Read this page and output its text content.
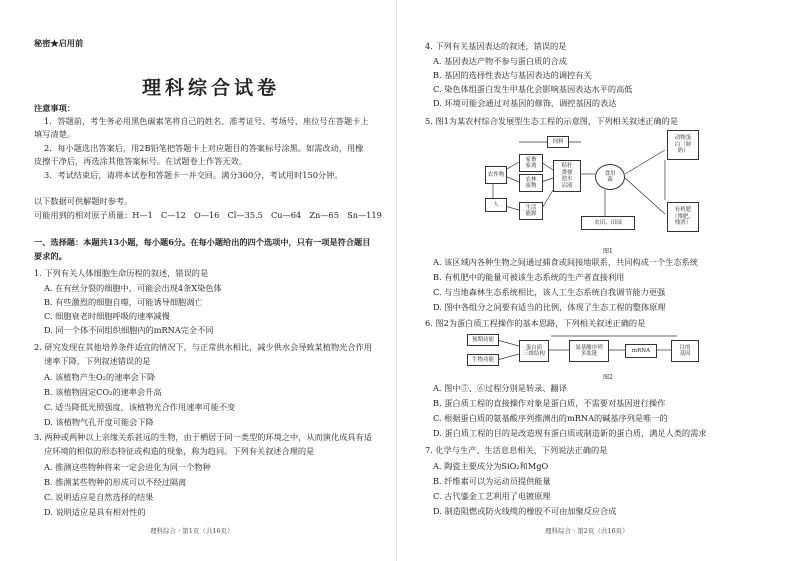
秘密★启用前
理科综合试卷
注意事项：
1．答题前，考生务必用黑色碳素笔将自己的姓名、准考证号、考场号、座位号在答题卡上
填写清楚。
2．每小题选出答案后，用2B铅笔把答题卡上对应题目的答案标号涂黑。如需改动，用橡
皮擦干净后，再选涂其他答案标号。在试题卷上作答无效。
3．考试结束后，请将本试卷和答题卡一并交回。满分300分，考试用时150分钟。
以下数据可供解题时参考。
可能用到的相对原子质量：H—1　C—12　O—16　Cl—35.5　Cu—64　Zn—65　Sn—119
一、选择题：本题共13小题，每小题6分。在每小题给出的四个选项中，只有一项是符合题目
要求的。
1. 下列有关人体细胞生命历程的叙述，错误的是
A. 在有丝分裂的细胞中，可能会出现4条X染色体
B. 有些激烈的细胞自噬，可能诱导细胞凋亡
C. 细胞衰老时细胞呼吸的速率减慢
D. 同一个体不同组织细胞内的mRNA完全不同
2. 研究发现在其他培养条件适宜的情况下，与正常供水相比，减少供水会导致某植物光合作用
速率下降，下列叙述错误的是
A. 该植物产生O₂的速率会下降
B. 该植物固定CO₂的速率会升高
C. 适当降低光照强度，该植物光合作用速率可能不变
D. 该植物气孔开度可能会下降
3. 两种或两种以上亲缘关系甚远的生物，由于栖居于同一类型的环境之中，从而演化成具有适
应环境的相似的形态特征或构造的现象，称为趋同。下列有关叙述合理的是
A. 推测这些物种将来一定会进化为同一个物种
B. 推测某些物种的形成可以不经过隔离
C. 说明适应是自然选择的结果
D. 说明适应是具有相对性的
理科综合 · 第1页（共16页）
4. 下列有关基因表达的叙述，错误的是
A. 基因表达产物不参与蛋白质的合成
B. 基因的选择性表达与基因表达的调控有关
C. 染色体组蛋白发生甲基化会影响基因表达水平的高低
D. 环境可能会通过对基因的修饰，调控基因的表达
5. 图1为某农村综合发展型生态工程的示意图，下列相关叙述正确的是
农作物
家畜
家禽
饲料
农林
废物
秸秆
粪便
池水
沼液
人	生活
能源
食用
菌
农田、田园
动物蛋
白（鲜
奶）
有机肥
（堆肥，
残渣）
图1
A. 该区域内各种生物之间通过捕食或间接地联系，共同构成一个生态系统
B. 有机肥中的能量可被该生态系统的生产者直接利用
C. 与当地森林生态系统相比，该人工生态系统自我调节能力更强
D. 图中各组分之间要有适当的比例，体现了生态工程的整体原理
6. 图2为蛋白质工程操作的基本思路，下列相关叙述正确的是
预期功能
生物功能
蛋白质
三维结构
氨基酸序列
多肽链
mRNA
目的
基因
图2
A. 图中⑤、⑥过程分别是转录、翻译
B. 蛋白质工程的直接操作对象是蛋白质，不需要对基因进行操作
C. 根据蛋白质的氨基酸序列推测出的mRNA的碱基序列是唯一的
D. 蛋白质工程的目的是改造现有蛋白质或制造新的蛋白质，满足人类的需求
7. 化学与生产、生活息息相关，下列说法正确的是
A. 陶瓷主要成分为SiO₂和MgO
B. 纤维素可以为运动员提供能量
C. 古代鎏金工艺利用了电镀原理
D. 制造阻燃或防火线缆的橡胶不可由加聚反应合成
理科综合 · 第2页（共16页）
